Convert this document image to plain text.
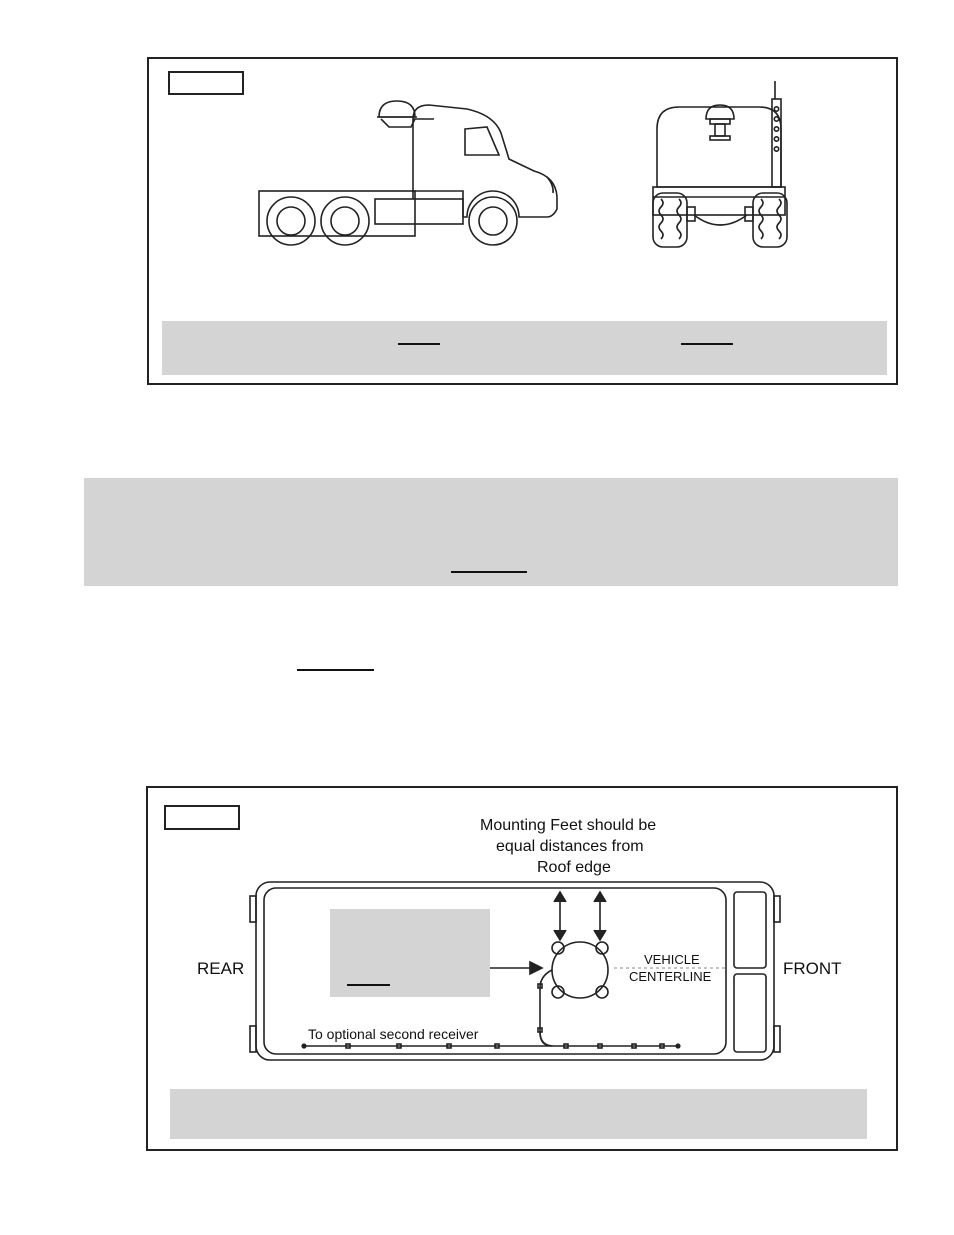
Mounting Feet should be
equal distances from
Roof edge
REAR	FRONT
VEHICLE
CENTERLINE
To optional second receiver
